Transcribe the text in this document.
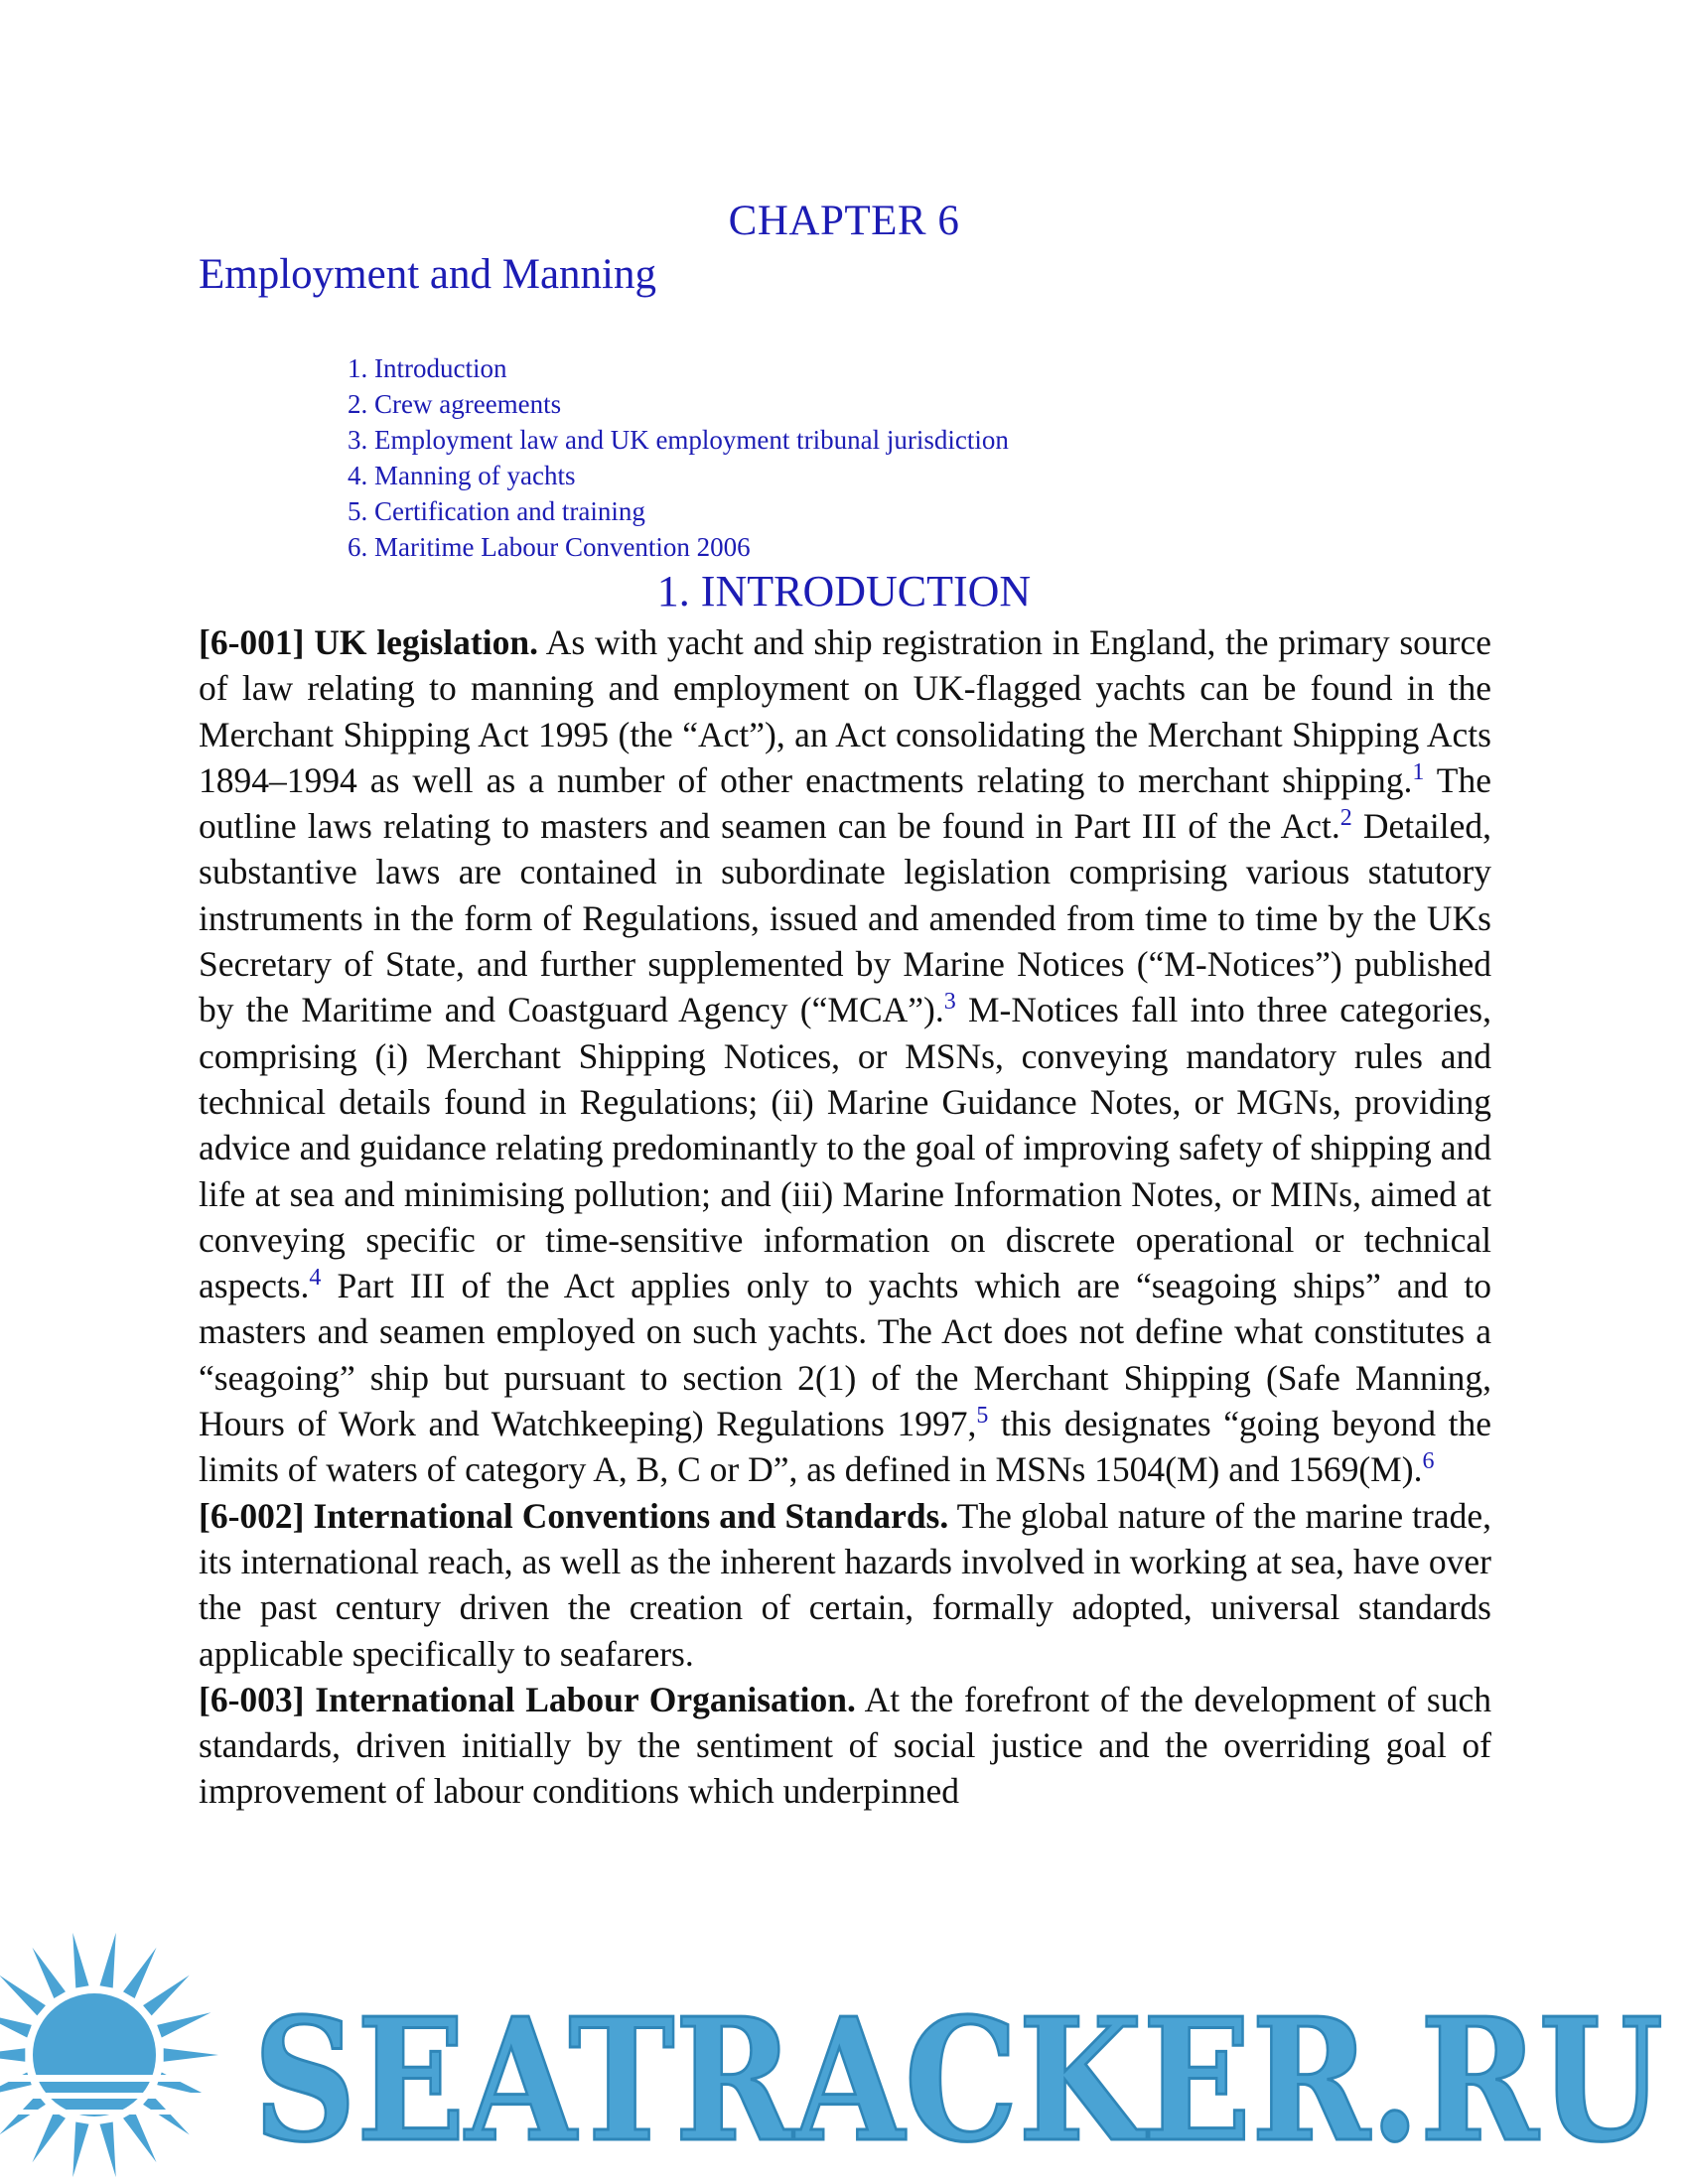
CHAPTER 6
Employment and Manning
1. Introduction
2. Crew agreements
3. Employment law and UK employment tribunal jurisdiction
4. Manning of yachts
5. Certification and training
6. Maritime Labour Convention 2006
1. INTRODUCTION

[6-001] UK legislation. As with yacht and ship registration in England, the primary source of law relating to manning and employment on UK-flagged yachts can be found in the Merchant Shipping Act 1995 (the “Act”), an Act consolidating the Merchant Shipping Acts 1894–1994 as well as a number of other enactments relating to merchant shipping.$^1$ The outline laws relating to masters and seamen can be found in Part III of the Act.$^2$ Detailed, substantive laws are contained in subordinate legislation comprising various statutory instruments in the form of Regulations, issued and amended from time to time by the UKs Secretary of State, and further supplemented by Marine Notices (“M-Notices”) published by the Maritime and Coastguard Agency (“MCA”).$^3$ M-Notices fall into three categories, comprising (i) Merchant Shipping Notices, or MSNs, conveying mandatory rules and technical details found in Regulations; (ii) Marine Guidance Notes, or MGNs, providing advice and guidance relating predominantly to the goal of improving safety of shipping and life at sea and minimising pollution; and (iii) Marine Information Notes, or MINs, aimed at conveying specific or time-sensitive information on discrete operational or technical aspects.$^4$ Part III of the Act applies only to yachts which are “seagoing ships” and to masters and seamen employed on such yachts. The Act does not define what constitutes a “seagoing” ship but pursuant to section 2(1) of the Merchant Shipping (Safe Manning, Hours of Work and Watchkeeping) Regulations 1997,$^5$ this designates “going beyond the limits of waters of category A, B, C or D”, as defined in MSNs 1504(M) and 1569(M).$^6$

[6-002] International Conventions and Standards. The global nature of the marine trade, its international reach, as well as the inherent hazards involved in working at sea, have over the past century driven the creation of certain, formally adopted, universal standards applicable specifically to seafarers.

[6-003] International Labour Organisation. At the forefront of the development of such standards, driven initially by the sentiment of social justice and the overriding goal of improvement of labour conditions which underpinned

SEATRACKER.RU
